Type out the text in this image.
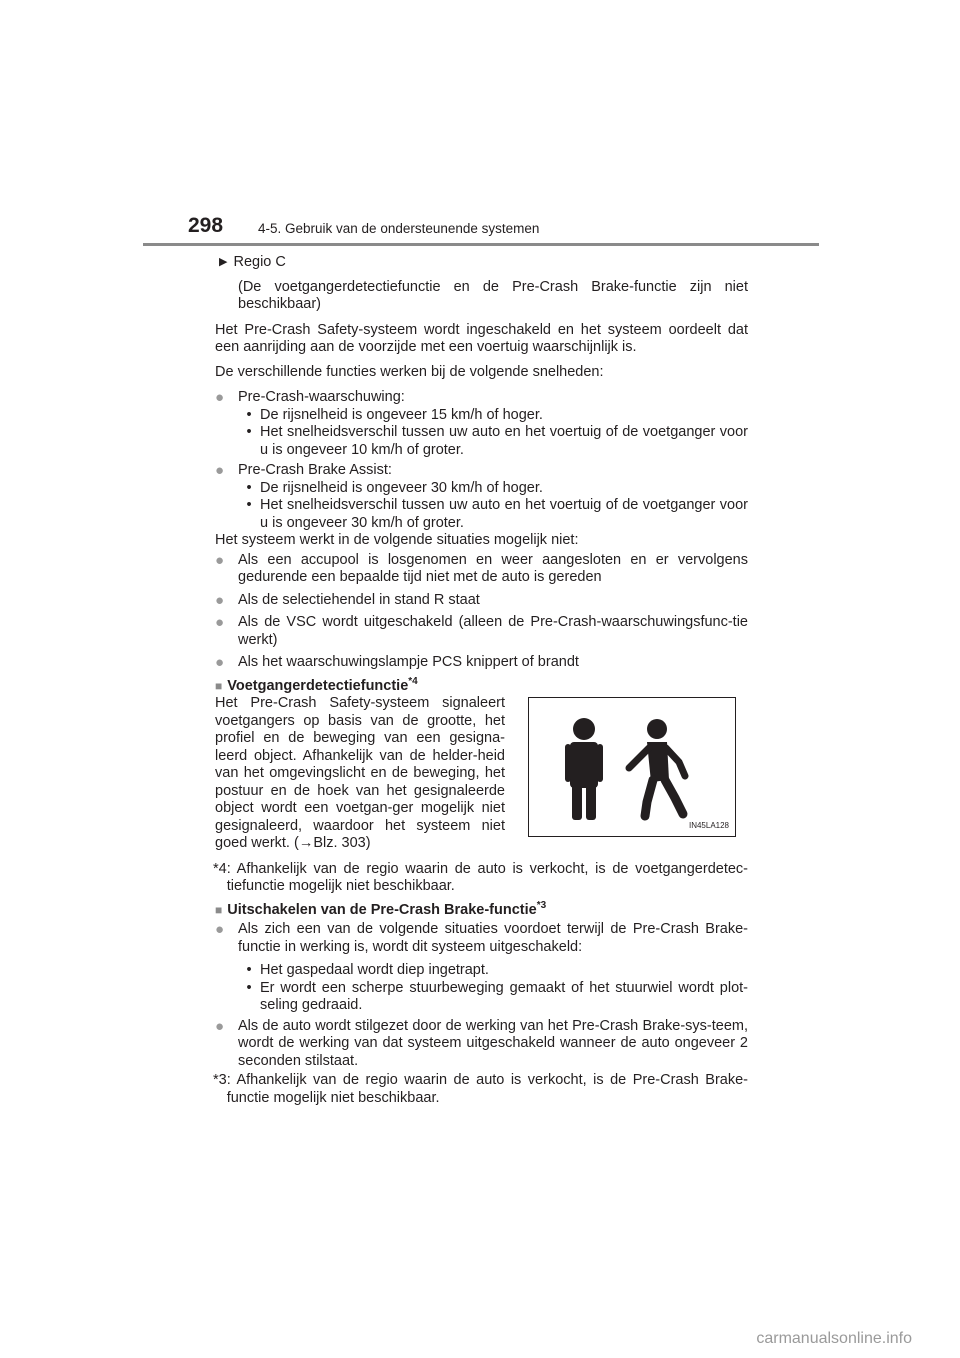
298	4-5. Gebruik van de ondersteunende systemen
▶ Regio C

(De voetgangerdetectiefunctie en de Pre-Crash Brake-functie zijn niet beschikbaar)

Het Pre-Crash Safety-systeem wordt ingeschakeld en het systeem oordeelt dat een aanrijding aan de voorzijde met een voertuig waarschijnlijk is.

De verschillende functies werken bij de volgende snelheden:

● Pre-Crash-waarschuwing:
• De rijsnelheid is ongeveer 15 km/h of hoger.
• Het snelheidsverschil tussen uw auto en het voertuig of de voetganger voor u is ongeveer 10 km/h of groter.
● Pre-Crash Brake Assist:
• De rijsnelheid is ongeveer 30 km/h of hoger.
• Het snelheidsverschil tussen uw auto en het voertuig of de voetganger voor u is ongeveer 30 km/h of groter.

Het systeem werkt in de volgende situaties mogelijk niet:

● Als een accupool is losgenomen en weer aangesloten en er vervolgens gedurende een bepaalde tijd niet met de auto is gereden
● Als de selectiehendel in stand R staat
● Als de VSC wordt uitgeschakeld (alleen de Pre-Crash-waarschuwingsfunc-tie werkt)
● Als het waarschuwingslampje PCS knippert of brandt
■ Voetgangerdetectiefunctie$^{*4}$

Het Pre-Crash Safety-systeem signaleert voetgangers op basis van de grootte, het profiel en de beweging van een gesigna-leerd object. Afhankelijk van de helder-heid van het omgevingslicht en de beweging, het postuur en de hoek van het gesignaleerde object wordt een voetgan-ger mogelijk niet gesignaleerd, waardoor het systeem niet goed werkt. (→Blz. 303)

IN45LA128
*4 : Afhankelijk van de regio waarin de auto is verkocht, is de voetgangerdetec-tiefunctie mogelijk niet beschikbaar.
■ Uitschakelen van de Pre-Crash Brake-functie$^{*3}$
● Als zich een van de volgende situaties voordoet terwijl de Pre-Crash Brake-functie in werking is, wordt dit systeem uitgeschakeld:
• Het gaspedaal wordt diep ingetrapt.
• Er wordt een scherpe stuurbeweging gemaakt of het stuurwiel wordt plot-seling gedraaid.
● Als de auto wordt stilgezet door de werking van het Pre-Crash Brake-sys-teem, wordt de werking van dat systeem uitgeschakeld wanneer de auto ongeveer 2 seconden stilstaat.
*3 : Afhankelijk van de regio waarin de auto is verkocht, is de Pre-Crash Brake-functie mogelijk niet beschikbaar.
carmanualsonline.info
